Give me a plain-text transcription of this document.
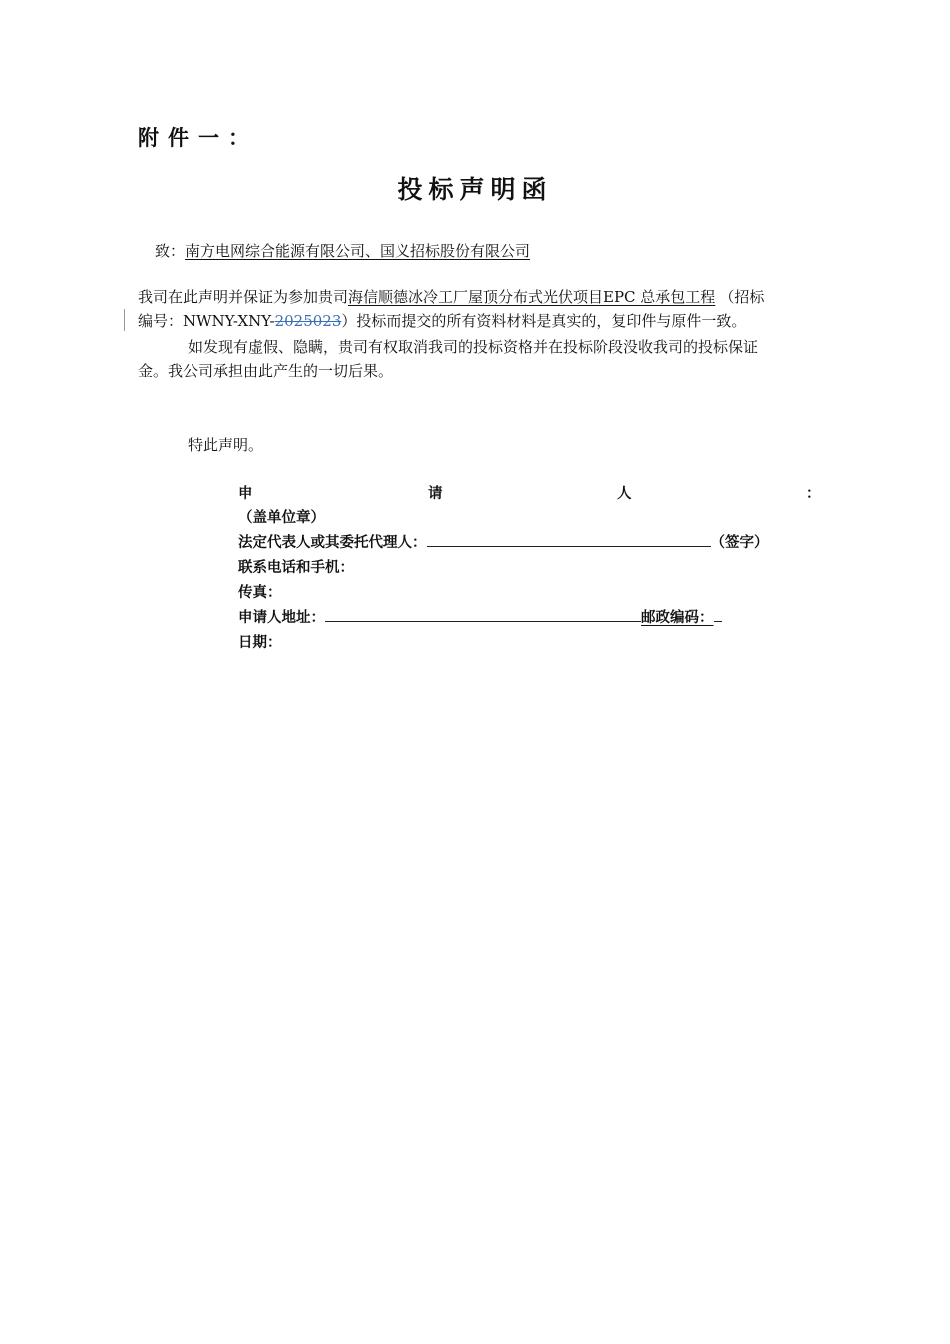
附件一：
投标声明函
致：南方电网综合能源有限公司、国义招标股份有限公司
我司在此声明并保证为参加贵司海信顺德冰冷工厂屋顶分布式光伏项目EPC 总承包工程 （招标
编号：NWNY-XNY-2025023）投标而提交的所有资料材料是真实的，复印件与原件一致。
如发现有虚假、隐瞒，贵司有权取消我司的投标资格并在投标阶段没收我司的投标保证
金。我公司承担由此产生的一切后果。
特此声明。
申	请	人	：
（盖单位章）
法定代表人或其委托代理人：	（签字）
联系电话和手机：
传真：
申请人地址：	邮政编码：
日期：
